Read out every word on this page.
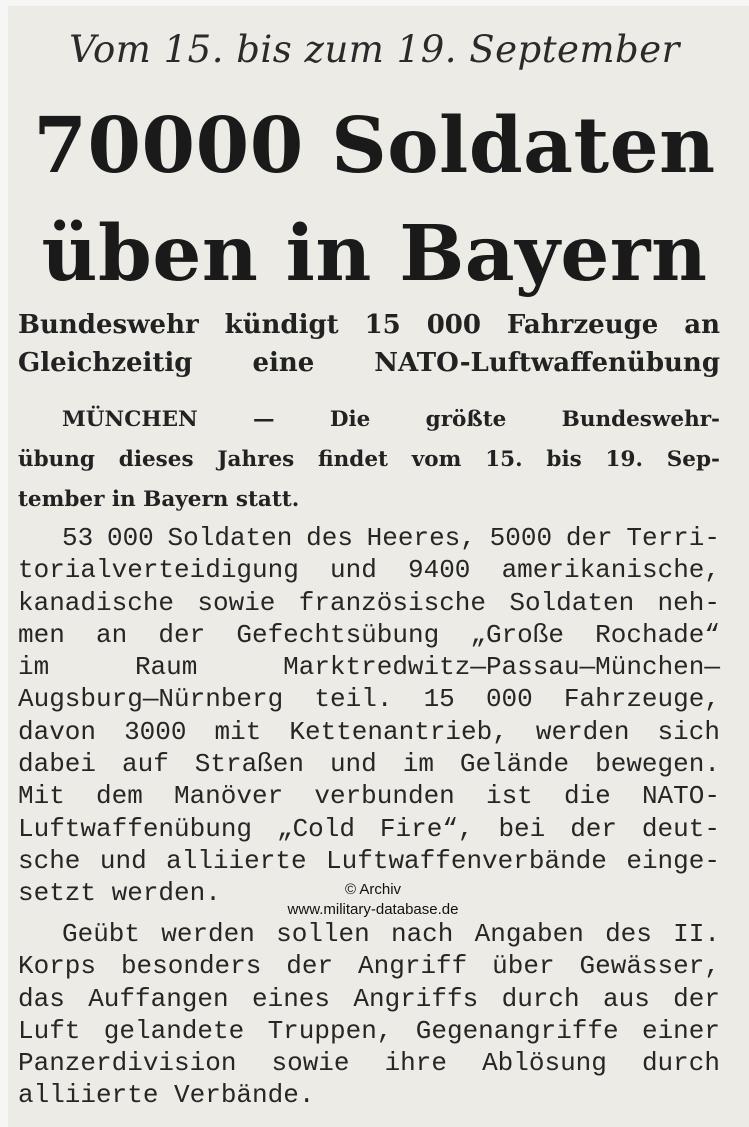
Vom 15. bis zum 19. September
70000 Soldaten
üben in Bayern
Bundeswehr kündigt 15 000 Fahrzeuge an
Gleichzeitig eine NATO-Luftwaffenübung
MÜNCHEN	—	Die	größte	Bundeswehr-
übung dieses Jahres findet vom 15. bis 19. Sep-
tember in Bayern statt.
53 000 Soldaten des Heeres, 5000 der Terri-
torialverteidigung und 9400 amerikanische,
kanadische sowie französische Soldaten neh-
men an der Gefechtsübung „Große Rochade“
im	Raum	Marktredwitz—Passau—München—
Augsburg—Nürnberg teil. 15 000 Fahrzeuge,
davon 3000 mit Kettenantrieb, werden sich
dabei auf Straßen und im Gelände bewegen.
Mit dem Manöver verbunden ist die NATO-
Luftwaffenübung „Cold Fire“, bei der deut-
sche und alliierte Luftwaffenverbände einge-
setzt werden.	© Archiv
www.military-database.de
Geübt werden sollen nach Angaben des II.
Korps besonders der Angriff über Gewässer,
das Auffangen eines Angriffs durch aus der
Luft gelandete Truppen, Gegenangriffe einer
Panzerdivision sowie ihre Ablösung durch
alliierte Verbände.
